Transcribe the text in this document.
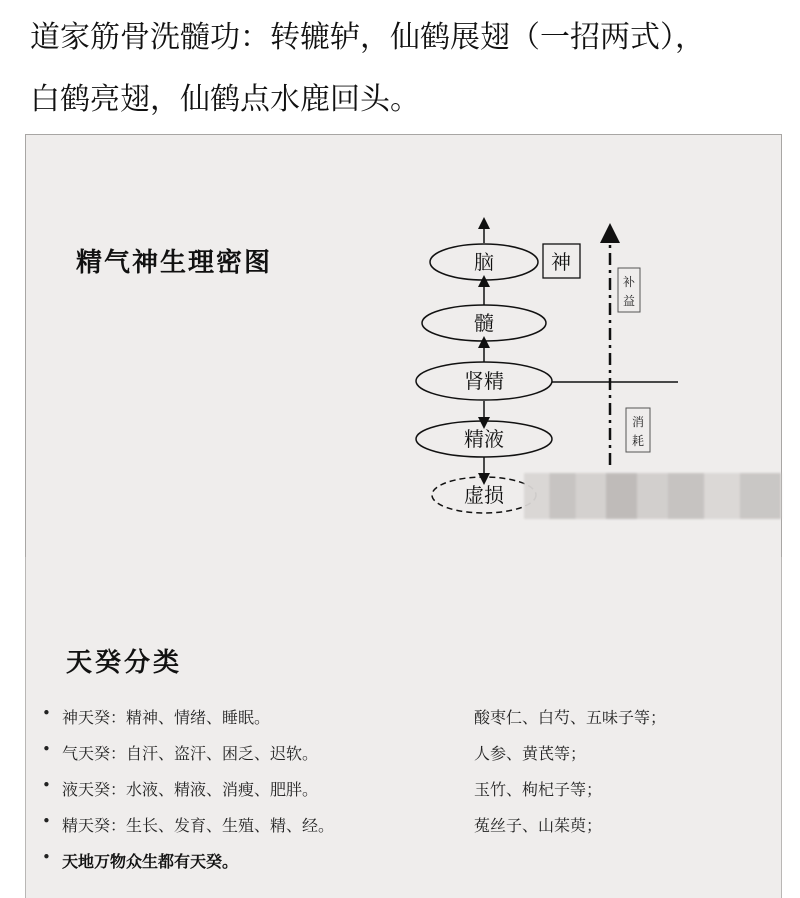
道家筋骨洗髓功：转辘轳，仙鹤展翅（一招两式），
白鹤亮翅，仙鹤点水鹿回头。
精气神生理密图	脑
髓
肾精
精液
虚损
神
补
益
消
耗
天癸分类
• 神天癸：精神、情绪、睡眠。	酸枣仁、白芍、五味子等；
• 气天癸：自汗、盗汗、困乏、迟软。	人参、黄芪等；
• 液天癸：水液、精液、消瘦、肥胖。	玉竹、枸杞子等；
• 精天癸：生长、发育、生殖、精、经。	菟丝子、山茱萸；
• 天地万物众生都有天癸。
